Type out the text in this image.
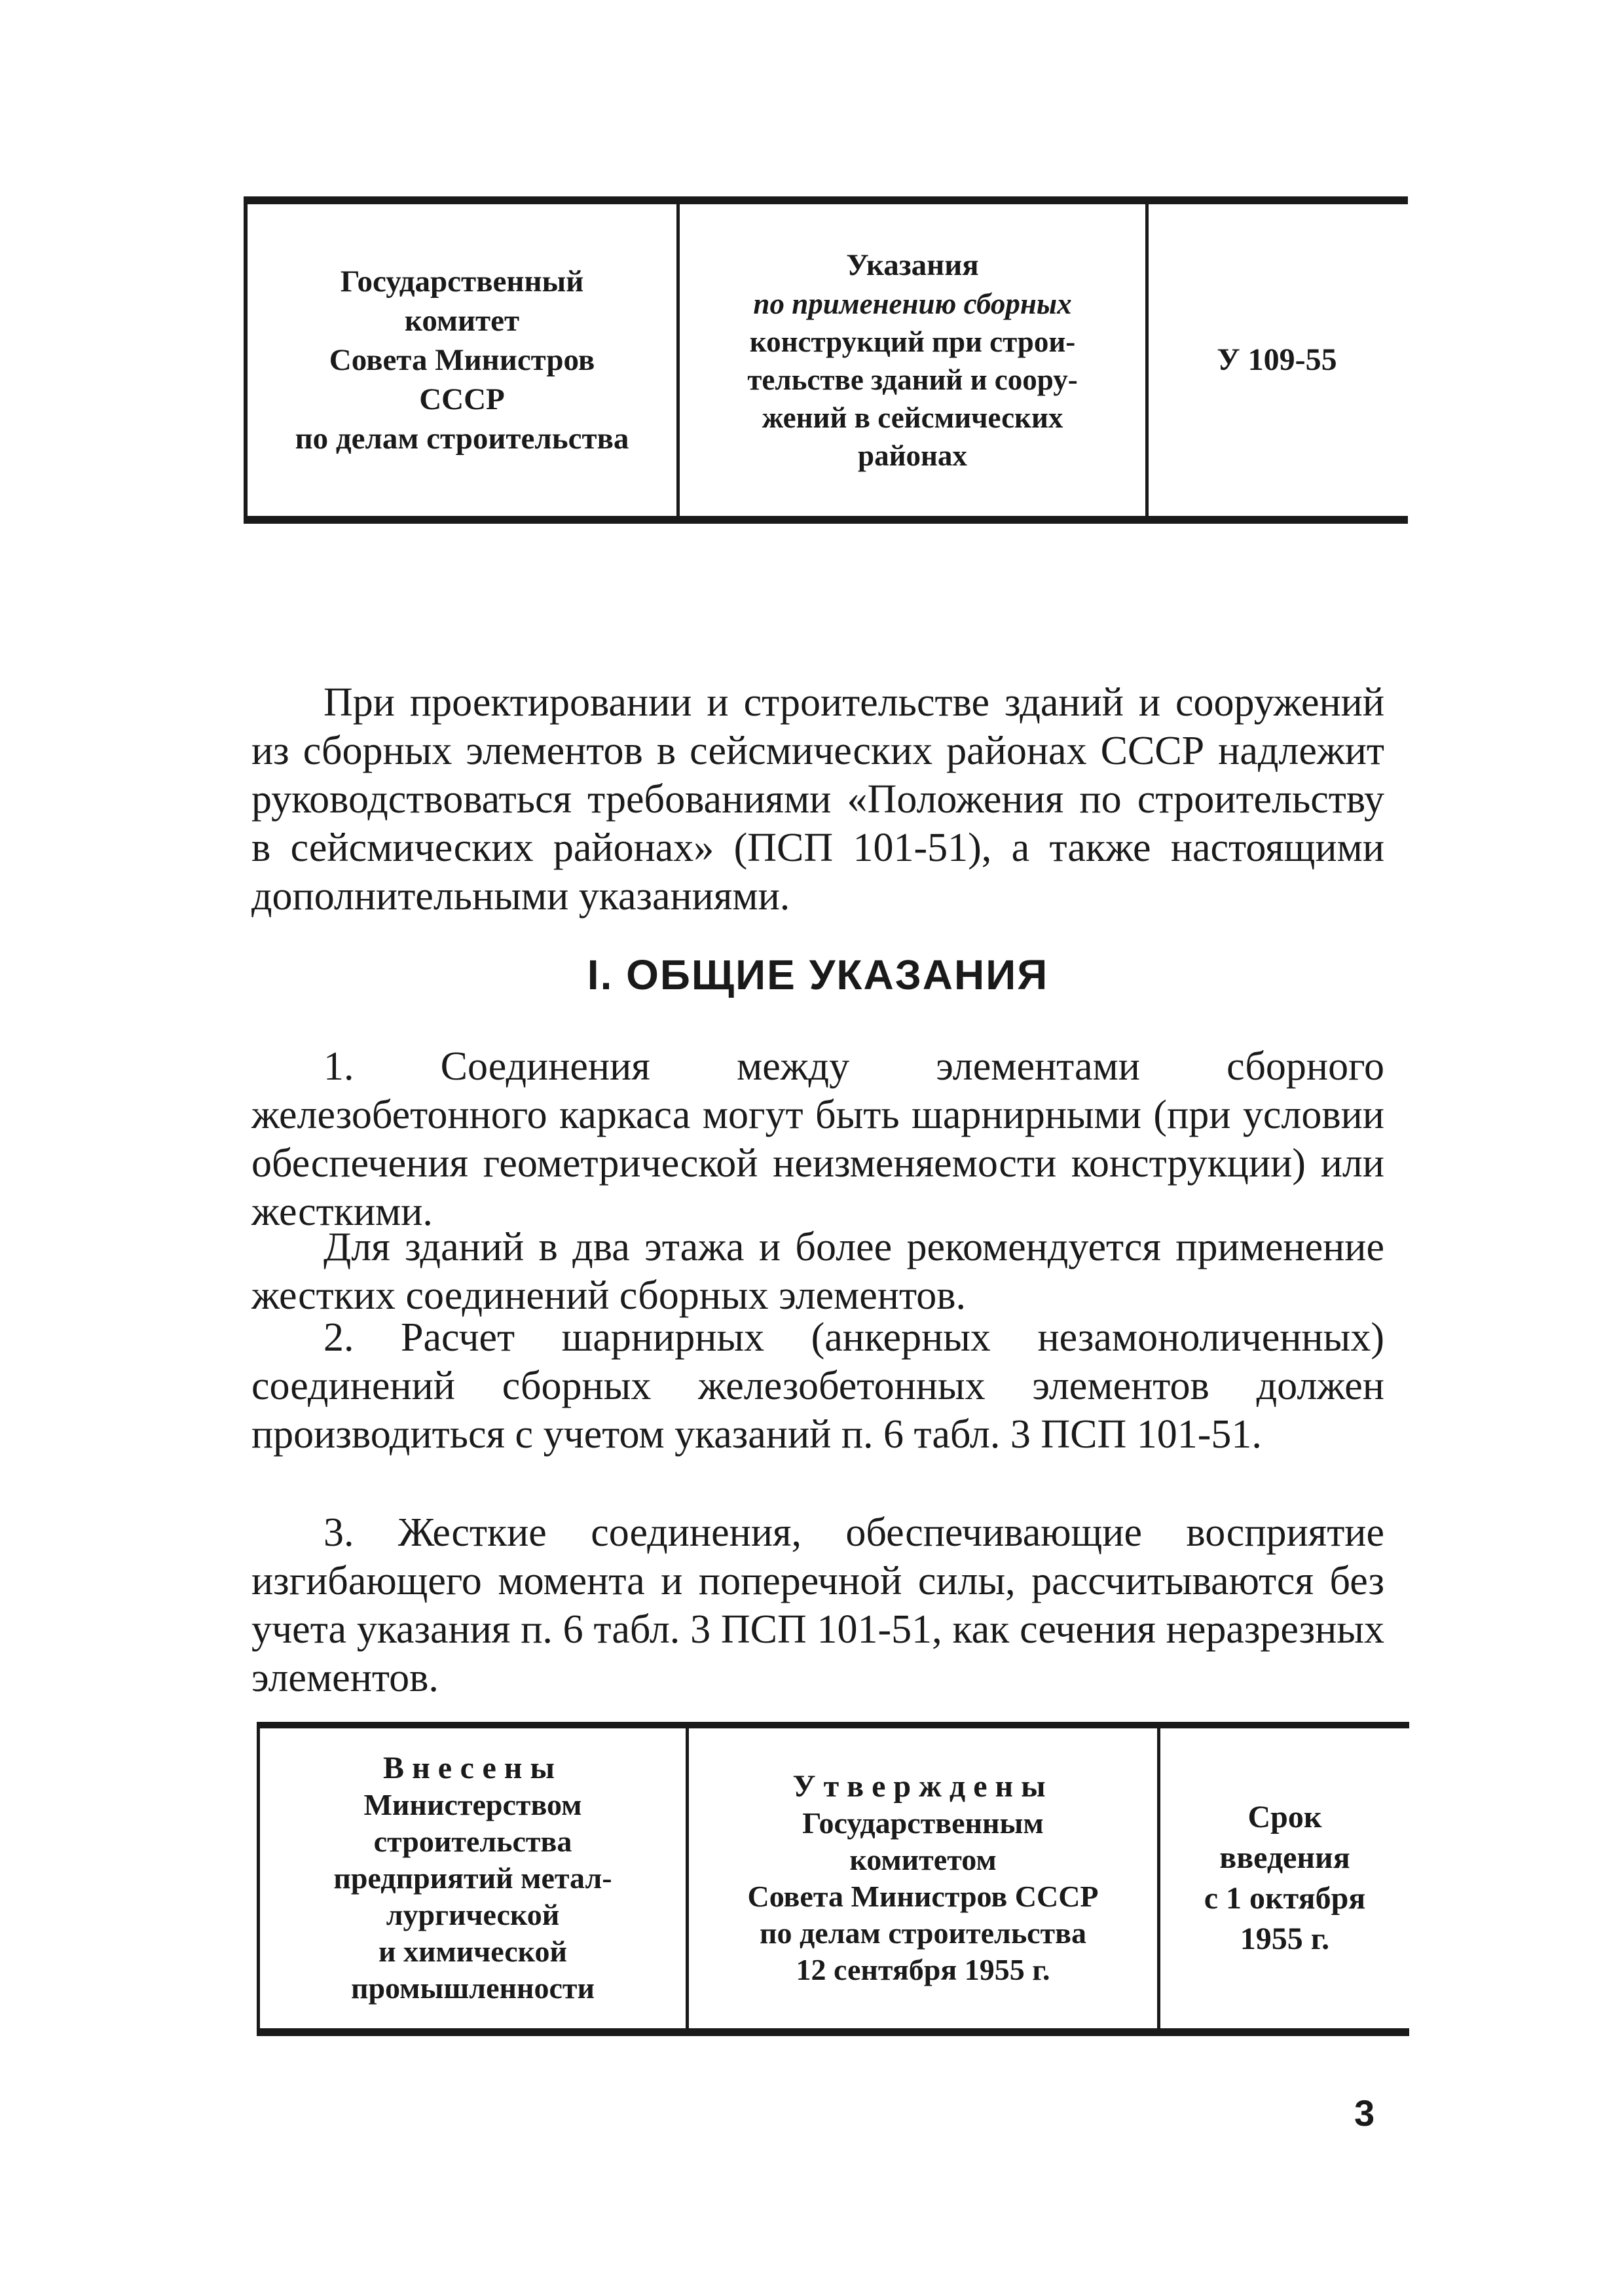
Государственный
комитет
Совета Министров
СССР
по делам строительства
Указания
по применению сборных
конструкций при строи-
тельстве зданий и соору-
жений в сейсмических
районах
У 109-55

При проектировании и строительстве зданий и сооружений из сборных элементов в сейсмических районах СССР надлежит руководствоваться требованиями «Положения по строительству в сейсмических районах» (ПСП 101-51), а также настоящими дополнительными указаниями.

I. ОБЩИЕ УКАЗАНИЯ

1. Соединения между элементами сборного железобетонного каркаса могут быть шарнирными (при условии обеспечения геометрической неизменяемости конструкции) или жесткими.

Для зданий в два этажа и более рекомендуется применение жестких соединений сборных элементов.

2. Расчет шарнирных (анкерных незамоноличенных) соединений сборных железобетонных элементов должен производиться с учетом указаний п. 6 табл. 3 ПСП 101-51.

3. Жесткие соединения, обеспечивающие восприятие изгибающего момента и поперечной силы, рассчитываются без учета указания п. 6 табл. 3 ПСП 101-51, как сечения неразрезных элементов.

Внесены
Министерством
строительства
предприятий метал-
лургической
и химической
промышленности
Утверждены
Государственным
комитетом
Совета Министров СССР
по делам строительства
12 сентября 1955 г.
Срок
введения
с 1 октября
1955 г.
3
